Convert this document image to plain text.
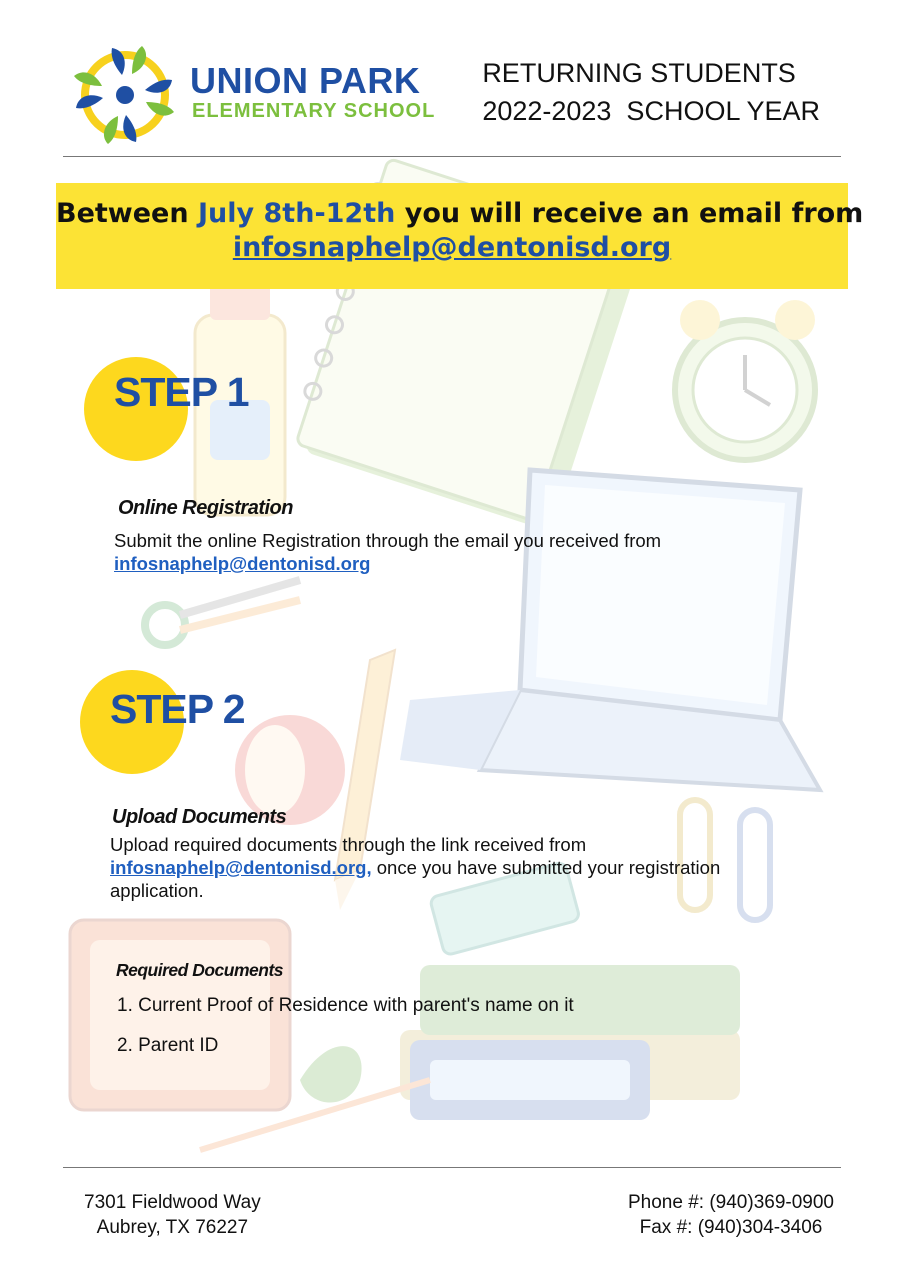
UNION PARK
ELEMENTARY SCHOOL
RETURNING STUDENTS
2022-2023  SCHOOL YEAR
Between July 8th-12th you will receive an email from
infosnaphelp@dentonisd.org
STEP 1
Online Registration
Submit the online Registration through the email you received from
infosnaphelp@dentonisd.org
STEP 2
Upload Documents
Upload required documents through the link received from
infosnaphelp@dentonisd.org, once you have submitted your registration application.
Required Documents
1. Current Proof of Residence with parent's name on it
2. Parent ID
7301 Fieldwood Way
Aubrey, TX 76227
Phone #: (940)369-0900
Fax #: (940)304-3406
